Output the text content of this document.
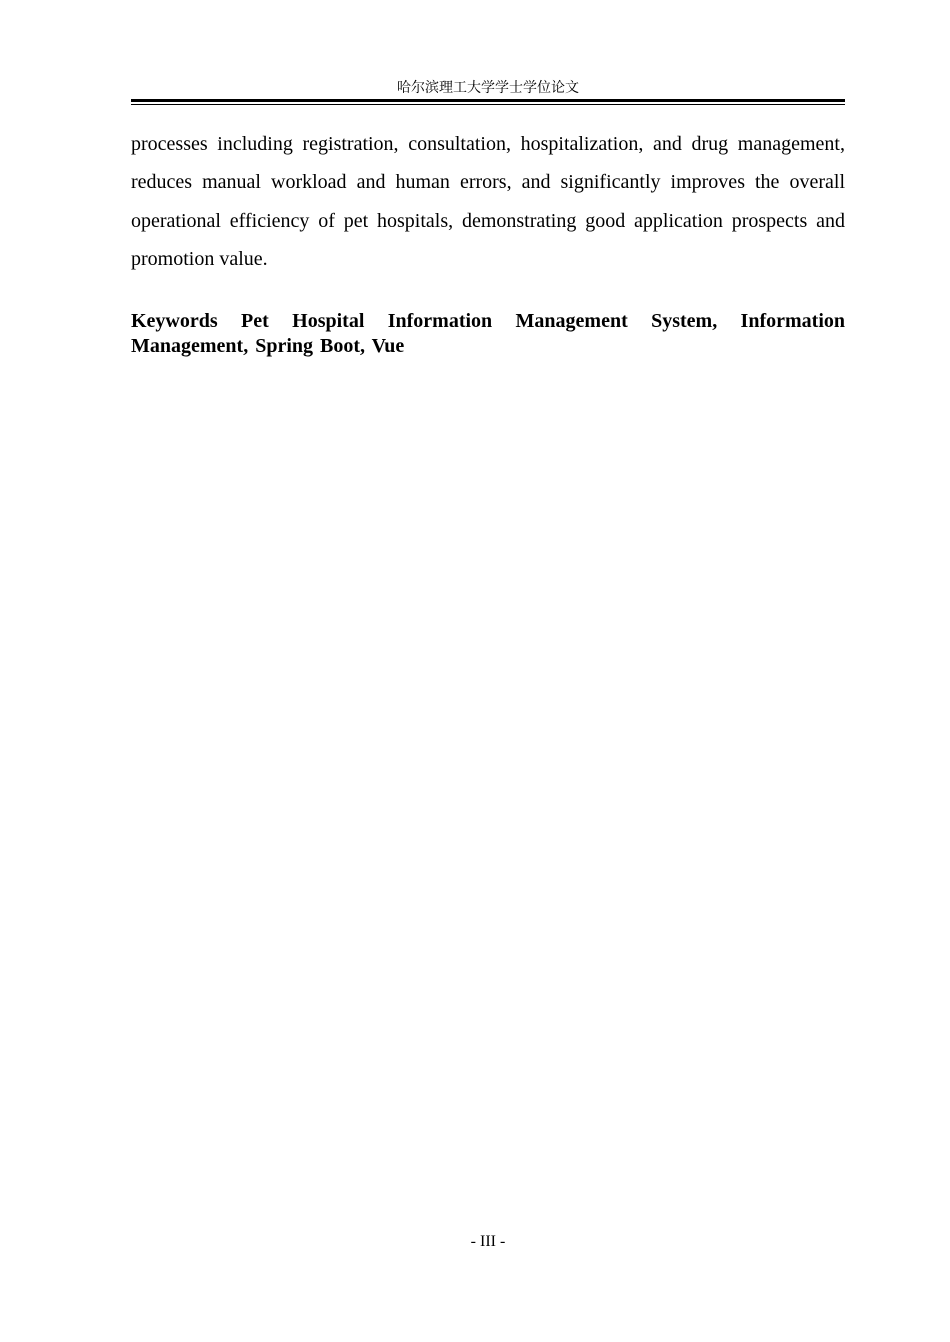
哈尔滨理工大学学士学位论文

processes including registration, consultation, hospitalization, and drug management, reduces manual workload and human errors, and significantly improves the overall operational efficiency of pet hospitals, demonstrating good application prospects and promotion value.

Keywords Pet Hospital Information Management System, Information Management, Spring Boot, Vue

- III -
